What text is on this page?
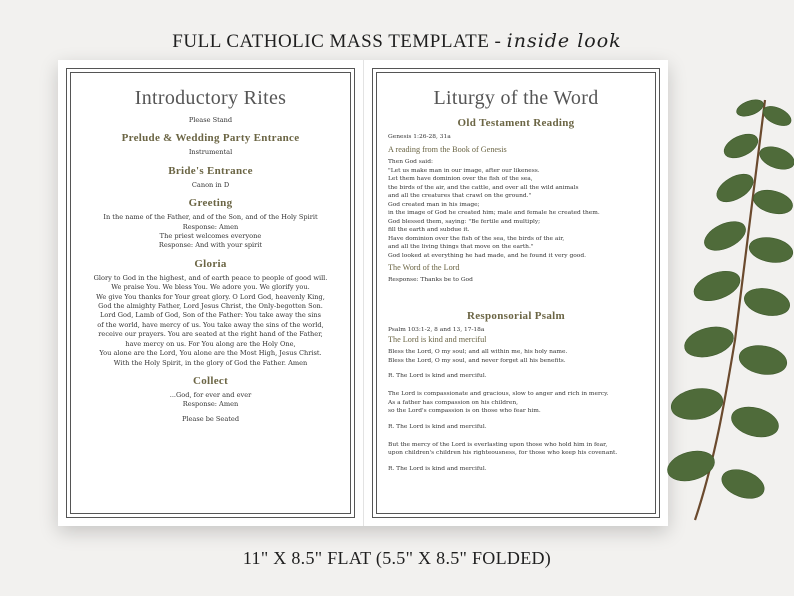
FULL CATHOLIC MASS TEMPLATE - inside look
Introductory Rites

Please Stand

Prelude & Wedding Party Entrance

Instrumental

Bride's Entrance

Canon in D

Greeting

In the name of the Father, and of the Son, and of the Holy Spirit

Response: Amen

The priest welcomes everyone

Response: And with your spirit

Gloria

Glory to God in the highest, and of earth peace to people of good will.

We praise You. We bless You. We adore you. We glorify you.

We give You thanks for Your great glory. O Lord God, heavenly King,

God the almighty Father, Lord Jesus Christ, the Only-begotten Son.

Lord God, Lamb of God, Son of the Father: You take away the sins

of the world, have mercy of us. You take away the sins of the world,

receive our prayers. You are seated at the right hand of the Father,

have mercy on us. For You along are the Holy One,

You alone are the Lord, You alone are the Most High, Jesus Christ.

With the Holy Spirit, in the glory of God the Father. Amen

Collect

...God, for ever and ever

Response: Amen

Please be Seated

Liturgy of the Word
Old Testament Reading

Genesis 1:26-28, 31a

A reading from the Book of Genesis
Then God said:
"Let us make man in our image, after our likeness.
Let them have dominion over the fish of the sea,
the birds of the air, and the cattle, and over all the wild animals
and all the creatures that crawl on the ground."
God created man in his image;
in the image of God he created him; male and female he created them.
God blessed them, saying: "Be fertile and multiply;
fill the earth and subdue it.
Have dominion over the fish of the sea, the birds of the air,
and all the living things that move on the earth."
God looked at everything he had made, and he found it very good.
The Word of the Lord

Response: Thanks be to God

Responsorial Psalm

Psalm 103:1-2, 8 and 13, 17-18a

The Lord is kind and merciful

Bless the Lord, O my soul; and all within me, his holy name.
Bless the Lord, O my soul, and never forget all his benefits.

R. The Lord is kind and merciful.

The Lord is compassionate and gracious, slow to anger and rich in mercy.
As a father has compassion on his children,
so the Lord's compassion is on those who fear him.

R. The Lord is kind and merciful.

But the mercy of the Lord is everlasting upon those who hold him in fear,
upon children's children his righteousness, for those who keep his covenant.

R. The Lord is kind and merciful.

11" X 8.5" FLAT (5.5" X 8.5" FOLDED)
